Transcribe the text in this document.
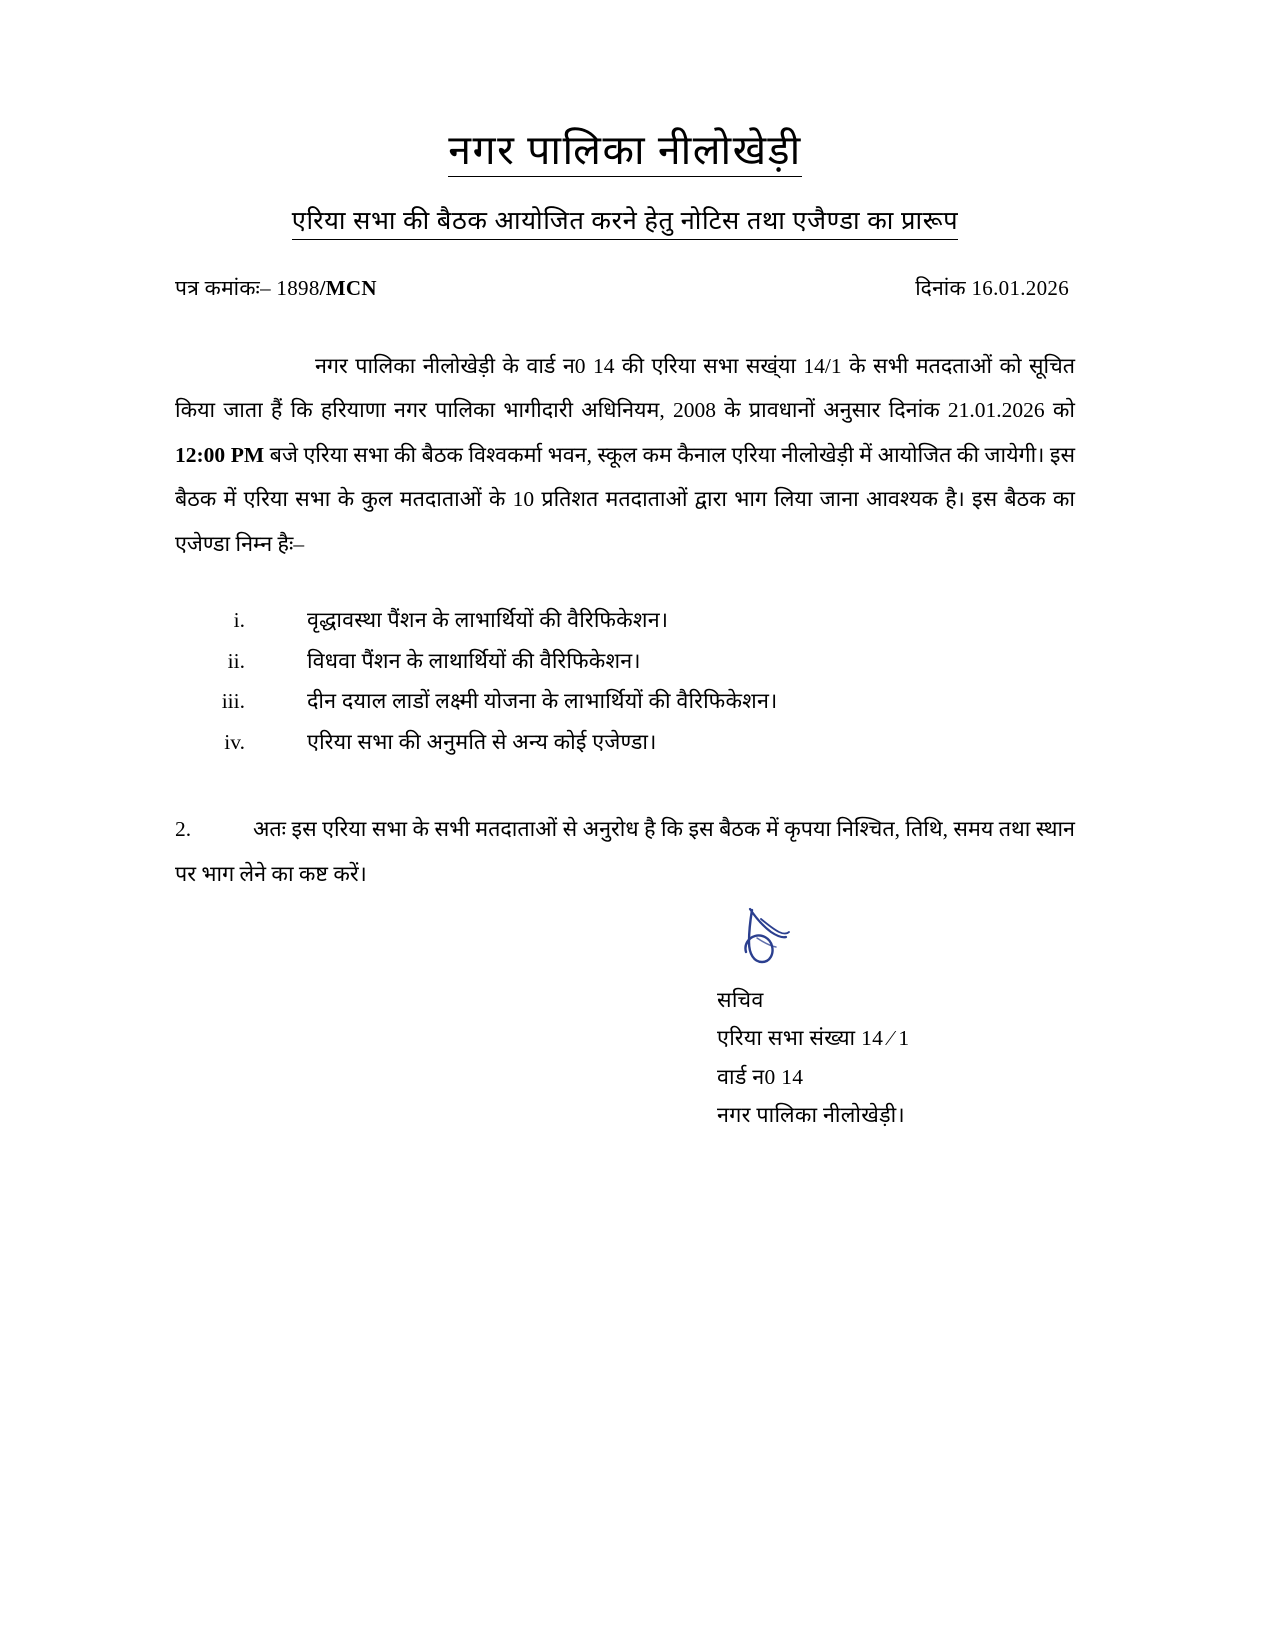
नगर पालिका नीलोखेड़ी
एरिया सभा की बैठक आयोजित करने हेतु नोटिस तथा एजैण्डा का प्रारूप
पत्र कमांकः– 1898/MCN	दिनांक 16.01.2026

नगर पालिका नीलोखेड़ी के वार्ड न0 14 की एरिया सभा सख्ंया 14/1 के सभी मतदताओं को सूचित किया जाता हैं कि हरियाणा नगर पालिका भागीदारी अधिनियम, 2008 के प्रावधानों अनुसार दिनांक 21.01.2026 को 12:00 PM बजे एरिया सभा की बैठक विश्वकर्मा भवन, स्कूल कम कैनाल एरिया नीलोखेड़ी में आयोजित की जायेगी। इस बैठक में एरिया सभा के कुल मतदाताओं के 10 प्रतिशत मतदाताओं द्वारा भाग लिया जाना आवश्यक है। इस बैठक का एजेण्डा निम्न हैः–

i.	वृद्धावस्था पैंशन के लाभार्थियों की वैरिफिकेशन।
ii.	विधवा पैंशन के लाथार्थियों की वैरिफिकेशन।
iii.	दीन दयाल लाडों लक्ष्मी योजना के लाभार्थियों की वैरिफिकेशन।
iv.	एरिया सभा की अनुमति से अन्य कोई एजेण्डा।

2.	अतः इस एरिया सभा के सभी मतदाताओं से अनुरोध है कि इस बैठक में कृपया निश्चित, तिथि, समय तथा स्थान पर भाग लेने का कष्ट करें।

सचिव
एरिया सभा संख्या 14 ⁄ 1
वार्ड न0 14
नगर पालिका नीलोखेड़ी।
